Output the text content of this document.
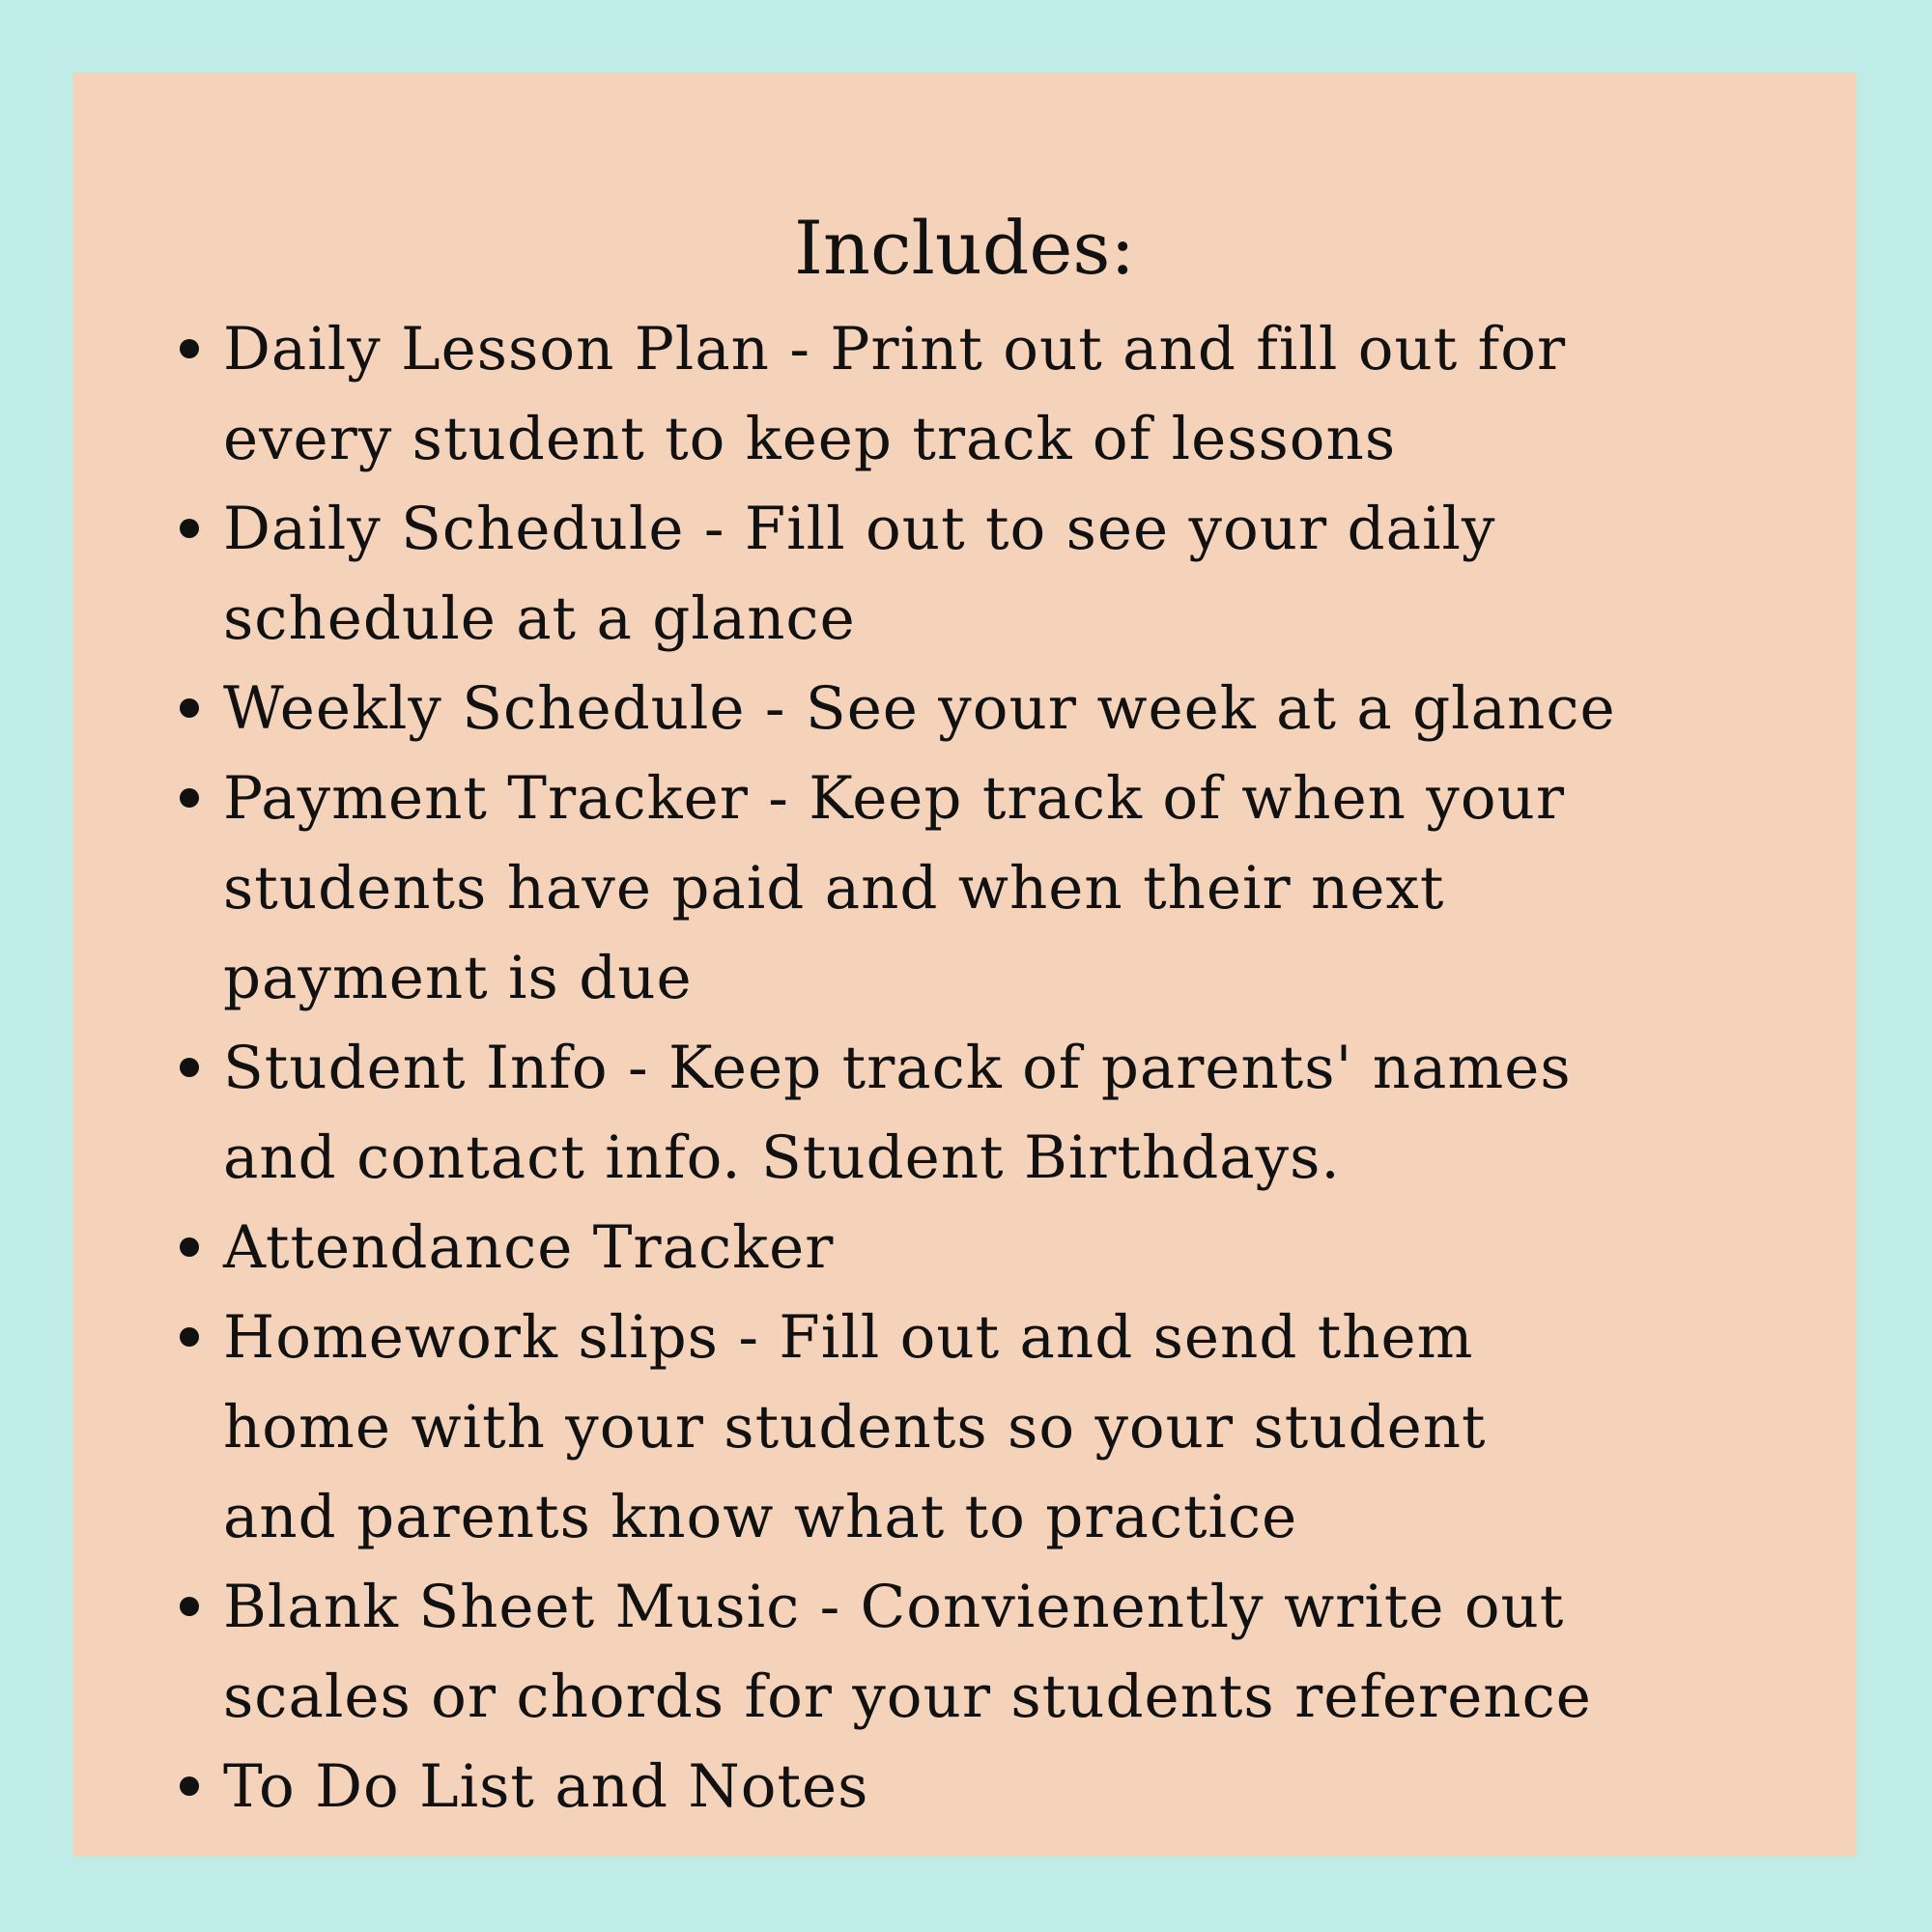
Includes:
Daily Lesson Plan - Print out and fill out for
every student to keep track of lessons
Daily Schedule - Fill out to see your daily
schedule at a glance
Weekly Schedule - See your week at a glance
Payment Tracker - Keep track of when your
students have paid and when their next
payment is due
Student Info - Keep track of parents' names
and contact info. Student Birthdays.
Attendance Tracker
Homework slips - Fill out and send them
home with your students so your student
and parents know what to practice
Blank Sheet Music - Convienently write out
scales or chords for your students reference
To Do List and Notes
